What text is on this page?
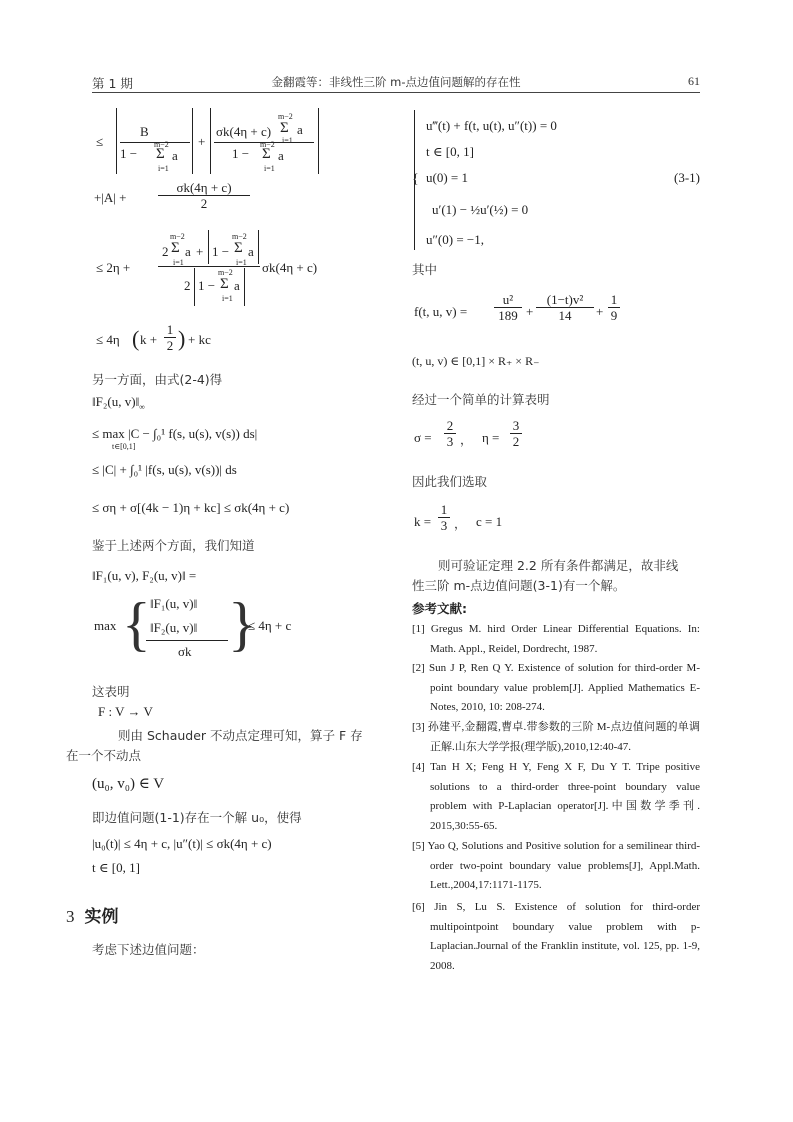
第 1 期	金翻霞等：非线性三阶 m-点边值问题解的存在性	61
≤
B
1 −
m−2
Σ
i=1
a
+
σk(4η + c)
m−2
Σ
i=1
a
1 −
m−2
Σ
i=1
a
$+|A| + \frac{\sigma k(4\eta + c)}{2}$
≤ 2η +
2
m−2
Σ
i=1
a + 1 −
m−2
Σ
i=1
a
2 1 −
m−2
Σ
i=1
a
σk(4η + c)
≤ 4η ( $k + \frac{1}{2}$ ) + kc
另一方面，由式(2-4)得
‖F₂(u, $v)‖_\infty$
≤ max |C − ∫₀¹ f(s, u(s), v(s)) ds|
t∈[0,1]
≤ |C| + ∫₀¹ |f(s, u(s), v(s))| ds
≤ ση + σ[(4k − 1)η + kc] ≤ σk(4η + c)
鉴于上述两个方面，我们知道
‖F₁(u, v), F₂(u, v)‖ =
max { ‖F₁(u, v)‖
‖F₂(u, v)‖
σk }
≤ 4η + c
这表明
F : V → V
则由 Schauder 不动点定理可知，算子 F 存
在一个不动点
(u₀, v₀) ∈ V
即边值问题(1-1)存在一个解 u₀，使得
|u₀(t)| ≤ 4η + c, |u″(t)| ≤ σk(4η + c)
t ∈ [0, 1]
3 实例
考虑下述边值问题：
{
u‴(t) + f(t, u(t), u″(t)) = 0
t ∈ [0, 1]
u(0) = 1
u′(1) − ½u′(½) = 0
u″(0) = −1,
(3-1)
其中
f(t, u, $v) = \frac{\text{u²}}{189} + \frac{\text{(1−t)v²}}{14} + \frac{1}{9}$
(t, u, v) ∈ [0,1] × R₊ × R₋
经过一个简单的计算表明
$\sigma = \frac{2}{3}$ ， $\eta = \frac{3}{2}$
因此我们选取
$k = \frac{1}{3}$ ， c = 1
则可验证定理 2.2 所有条件都满足，故非线
性三阶 m-点边值问题(3-1)有一个解。
参考文献:
[1] Gregus M. hird Order Linear Differential Equations. In: Math. Appl., Reidel, Dordrecht, 1987.
[2] Sun J P, Ren Q Y. Existence of solution for third-order M-point boundary value problem[J]. Applied Mathematics E-Notes, 2010, 10: 208-274.
[3] 孙建平,金翻霞,曹卓.带参数的三阶 M-点边值问题的单调正解.山东大学学报(理学版),2010,12:40-47.
[4] Tan H X; Feng H Y, Feng X F, Du Y T. Tripe positive solutions to a third-order three-point boundary value problem with P-Laplacian operator[J].中国数学季刊. 2015,30:55-65.
[5] Yao Q, Solutions and Positive solution for a semilinear third-order two-point boundary value problems[J], Appl.Math. Lett.,2004,17:1171-1175.
[6] Jin S, Lu S. Existence of solution for third-order multipointpoint boundary value problem with p-Laplacian.Journal of the Franklin institute, vol. 125, pp. 1-9, 2008.
